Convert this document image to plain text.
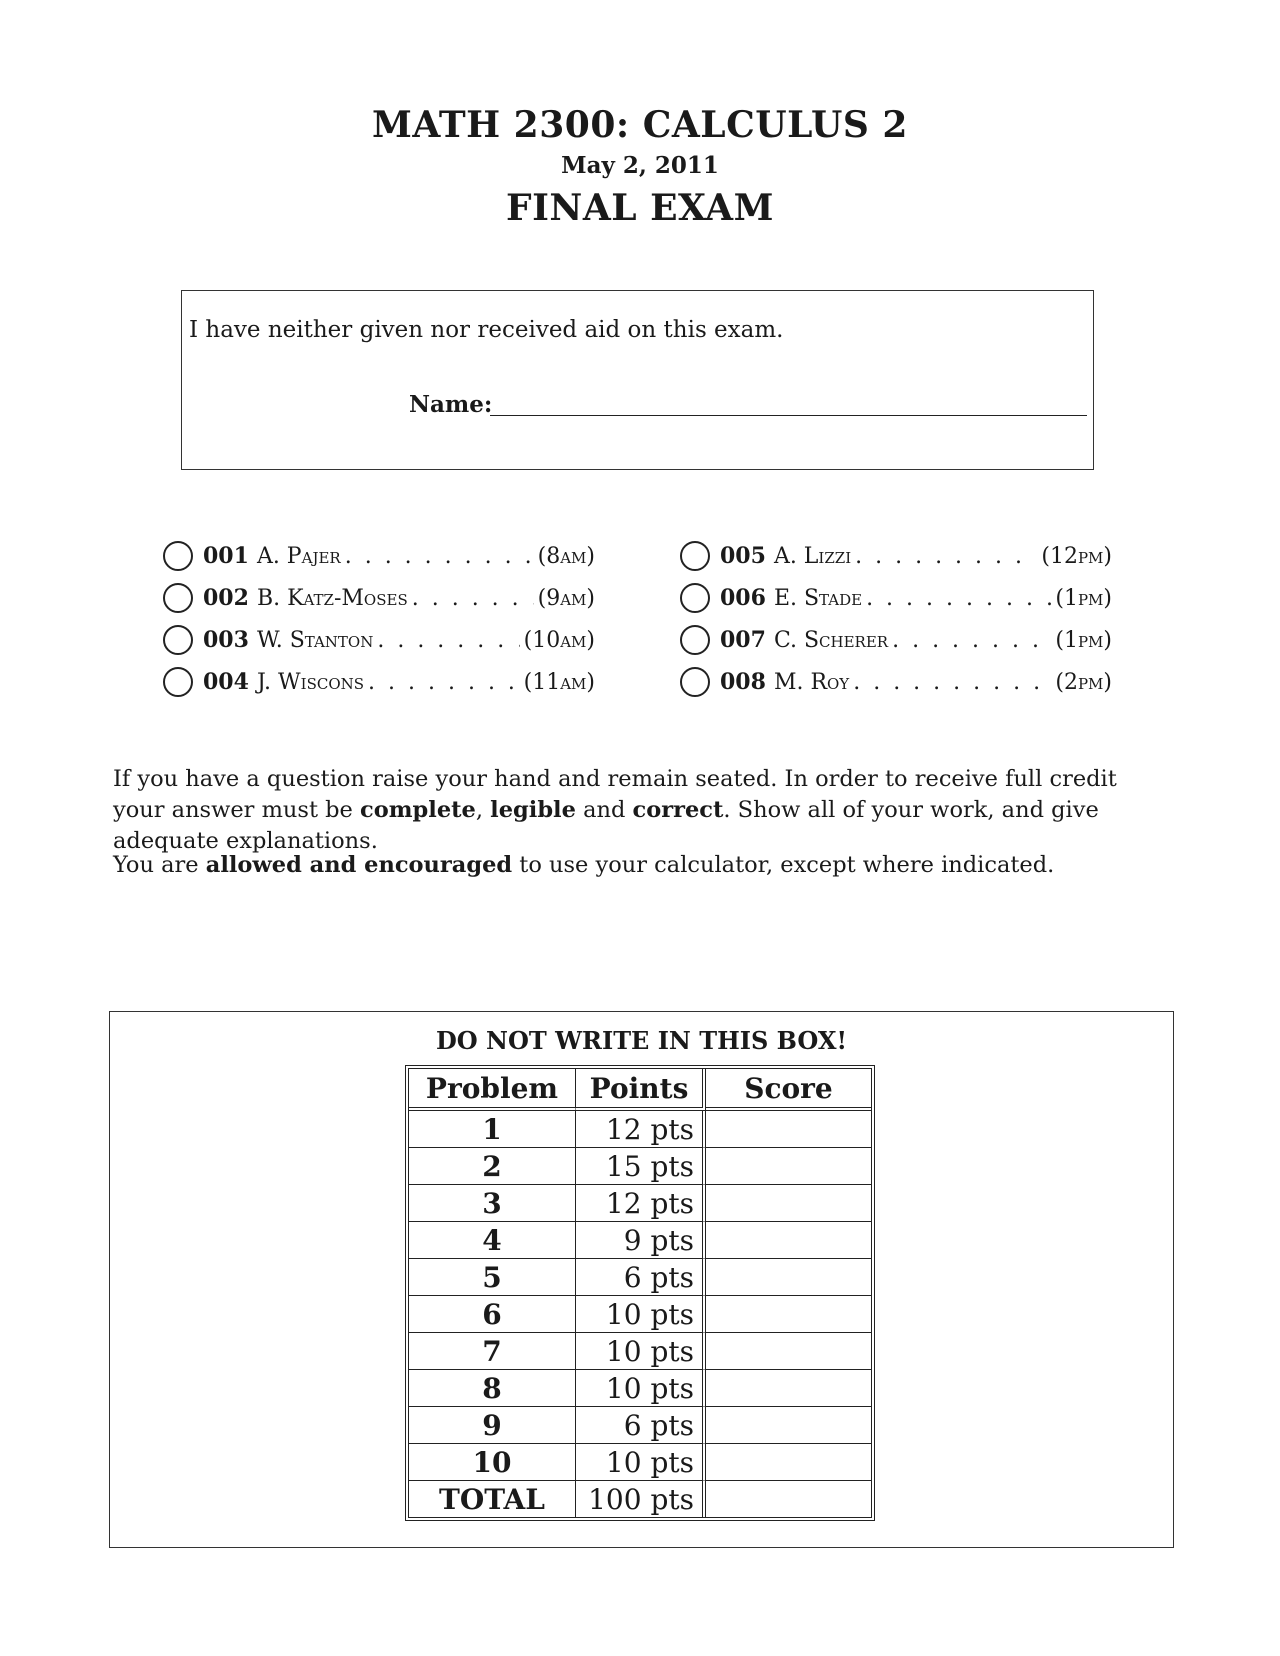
MATH 2300: CALCULUS 2
May 2, 2011
FINAL EXAM
I have neither given nor received aid on this exam.
Name:
001 A. Pajer . . .	(8am)
002 B. Katz-Moses . . .	(9am)
003 W. Stanton . . .	(10am)
004 J. Wiscons . . .	(11am)
005 A. Lizzi . . .	(12pm)
006 E. Stade . . .	(1pm)
007 C. Scherer . . .	(1pm)
008 M. Roy . . .	(2pm)
If you have a question raise your hand and remain seated. In order to receive full credit your answer must be complete, legible and correct. Show all of your work, and give adequate explanations.
You are allowed and encouraged to use your calculator, except where indicated.
DO NOT WRITE IN THIS BOX!
Problem	Points	Score
1	12 pts	
2	15 pts	
3	12 pts	
4	9 pts	
5	6 pts	
6	10 pts	
7	10 pts	
8	10 pts	
9	6 pts	
10	10 pts	
TOTAL	100 pts	
